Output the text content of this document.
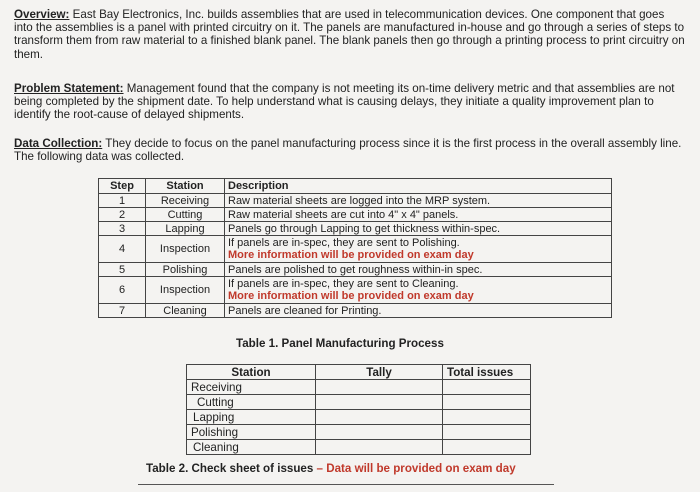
Overview: East Bay Electronics, Inc. builds assemblies that are used in telecommunication devices. One component that goes into the assemblies is a panel with printed circuitry on it. The panels are manufactured in-house and go through a series of steps to transform them from raw material to a finished blank panel. The blank panels then go through a printing process to print circuitry on them.
Problem Statement: Management found that the company is not meeting its on-time delivery metric and that assemblies are not being completed by the shipment date. To help understand what is causing delays, they initiate a quality improvement plan to identify the root-cause of delayed shipments.
Data Collection: They decide to focus on the panel manufacturing process since it is the first process in the overall assembly line. The following data was collected.
Step	Station	Description
1	Receiving	Raw material sheets are logged into the MRP system.
2	Cutting	Raw material sheets are cut into 4" x 4" panels.
3	Lapping	Panels go through Lapping to get thickness within-spec.
4	Inspection	If panels are in-spec, they are sent to Polishing.
More information will be provided on exam day

5	Polishing	Panels are polished to get roughness within-in spec.
6	Inspection	If panels are in-spec, they are sent to Cleaning.
More information will be provided on exam day

7	Cleaning	Panels are cleaned for Printing.
Table 1. Panel Manufacturing Process
Station	Tally	Total issues
Receiving		
Cutting		
Lapping		
Polishing		
Cleaning		
Table 2. Check sheet of issues – Data will be provided on exam day
